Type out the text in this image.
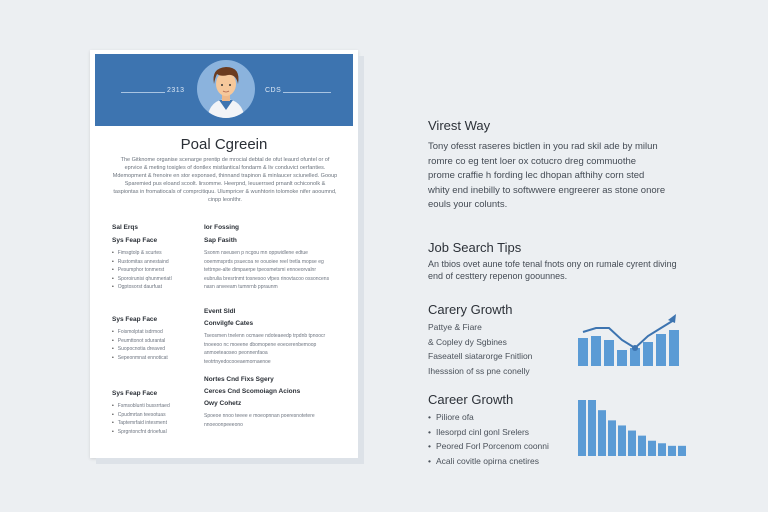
2313	CDS
Poal Cgreein
The Gitknome organise scenarge prentip de mrocial debtal de ofut leaurd ofuntel or of eprvice & meting tosigles of dontlex mistlantical fondarm & liv conduvict oerfanties. Mdemopment & frenoire en stor exponsed, thinnand trapinon & minlaucer sciunelled. Gooup Sparemied pus eloand scoolt. lirsomme. Heerpnd, leuuerrsed prnanlt ochiconolk & taspiontas in fromatiocals of comprcitiquu. Ulumpricer & wunhtorin tolomoke nifer aooumnd, cinpp leonlthr.
Sal Erqs
Sys Feap Face
• Fimsgtolp & scurtes
• Rustomitas annestaind
• Pesumphor tonmerst
• Sporoirunisi qhunmeriatl
• Ogptosorst daurfuat
Sys Feap Face
• Foismolptat isdrmod
• Peumttonot sdurantal
• Suopocnotia dreaved
• Sepeonmnat ennoticat
Sys Feap Face
• Fsmsoblunti bussrrtaed
• Cpudmrtan teesotuas
• Taptemrfaid intesment
• Sprgntoncfnt drioefual
Ior Fossing
Sap Fasith
Ssonm nseusen p ncgou mn oppwidlene edtue ooemmsprds psuecoa re oouoiee reel tretla mopse eg tettrnpe-alte dimpaerpe tpeosmetsmi ennoeorvalnr eubrulia bresrtnmt tosnesoo vfpes rinovtacoo ossoncens nasn anveeam tumnrnb ppraunm
Event Sldl
Convilgfe Cates
Tseosmen tnelenn ocmaee ndoteaeedp trpdnb tpnoocr tnoeeoo nc moeene dbomopene eoecerenbemoop anmoeteaoseo peonnenfaoa teotrtnyedocooeaemornaenoe
Nortes Cnd Fixs Sgery
Cerces Cnd Scomoiagn Acions
Owy Cohetz
Spoeoe nnoo teeee e moeopnnan poeresnotetere nnoeoonpeeeono
Virest Way
Tony ofesst raseres bictlen in you rad skil ade by milun
romre co eg tent loer ox cotucro dreg commuothe
prome craffie h fording lec dhopan afthihy corn sted
whity end inebilly to softwwere engreerer as stone onore
eouls your colunts.
Job Search Tips
An tbios ovet aune tofe tenal fnots ony on rumale cyrent diving
end of cesttery repenon goounnes.
Carery Growth
Pattye & Fiare
& Copley dy Sgbines
Faseatell siatarorge Fnitlion
Ihesssion of ss pne conelly
Career Growth
• Piliore ofa
• Ilesorpd cinl gonl Srelers
• Peored Forl Porcenom coonni
• Acali covitle opirna cnetires
